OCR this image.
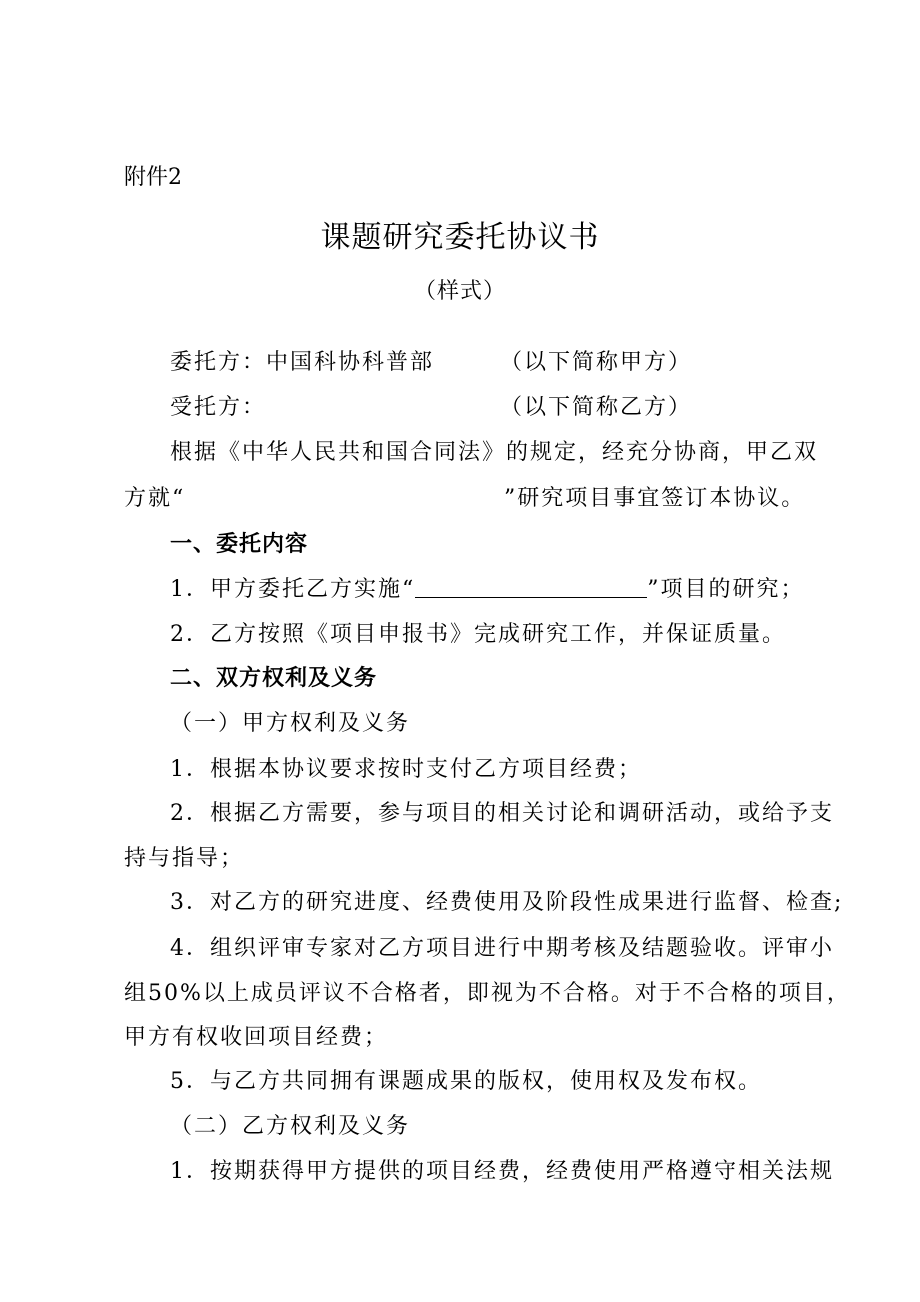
附件2
课题研究委托协议书
（样式）
委托方：中国科协科普部	（以下简称甲方）
受托方：	（以下简称乙方）
根据《中华人民共和国合同法》的规定，经充分协商，甲乙双
方就“	”研究项目事宜签订本协议。
一、委托内容
1．甲方委托乙方实施“	”项目的研究；
2．乙方按照《项目申报书》完成研究工作，并保证质量。
二、双方权利及义务
（一）甲方权利及义务
1．根据本协议要求按时支付乙方项目经费；
2．根据乙方需要，参与项目的相关讨论和调研活动，或给予支
持与指导；
3．对乙方的研究进度、经费使用及阶段性成果进行监督、检查;
4．组织评审专家对乙方项目进行中期考核及结题验收。评审小
组50%以上成员评议不合格者，即视为不合格。对于不合格的项目，
甲方有权收回项目经费；
5．与乙方共同拥有课题成果的版权，使用权及发布权。
（二）乙方权利及义务
1．按期获得甲方提供的项目经费，经费使用严格遵守相关法规
